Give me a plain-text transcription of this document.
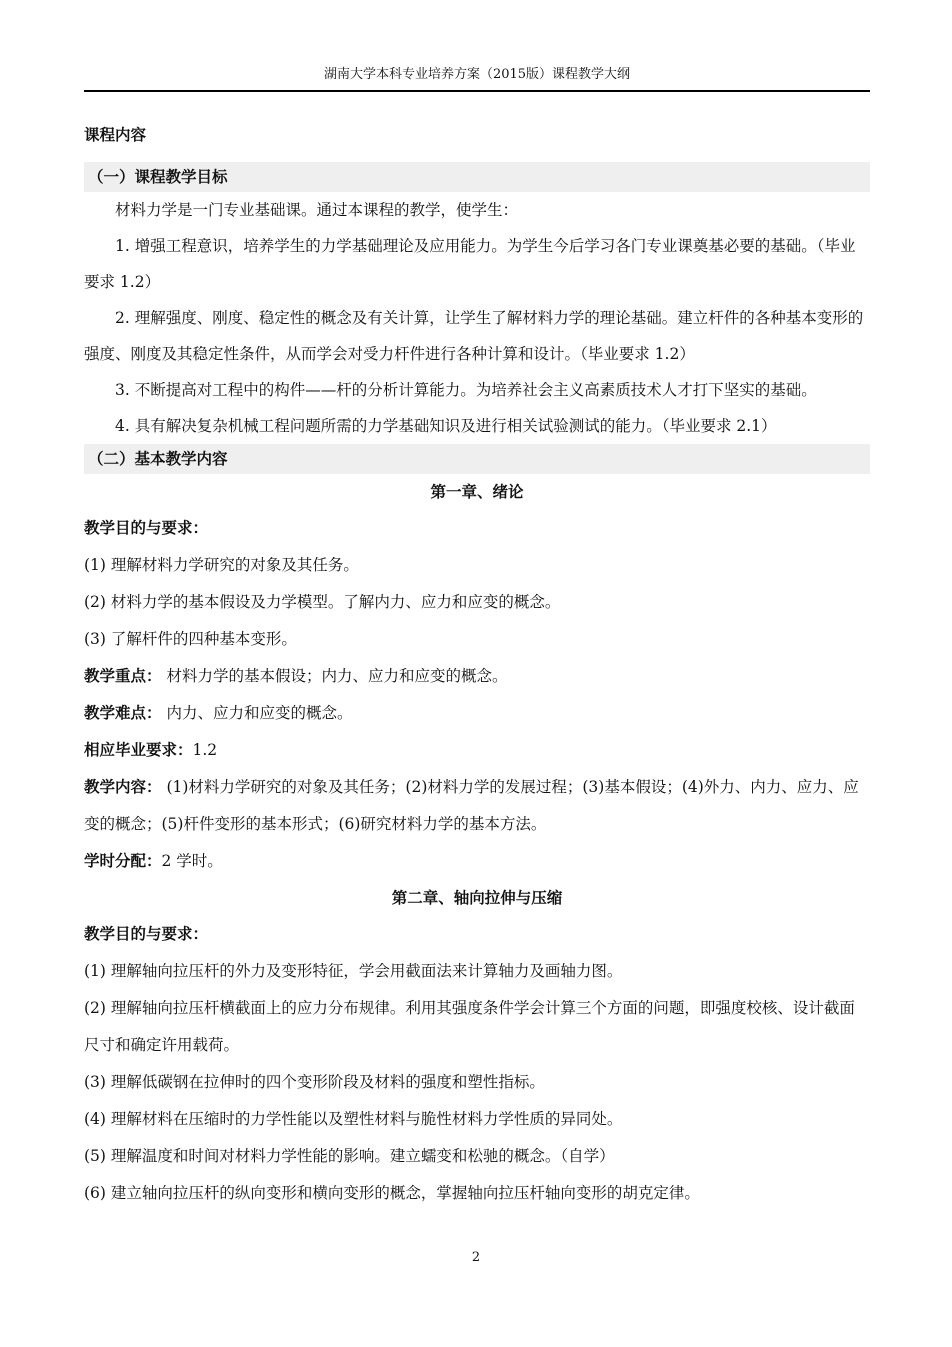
湖南大学本科专业培养方案（2015版）课程教学大纲
课程内容
（一）课程教学目标

材料力学是一门专业基础课。通过本课程的教学，使学生：

1. 增强工程意识，培养学生的力学基础理论及应用能力。为学生今后学习各门专业课奠基必要的基础。（毕业要求 1.2）

2. 理解强度、刚度、稳定性的概念及有关计算，让学生了解材料力学的理论基础。建立杆件的各种基本变形的强度、刚度及其稳定性条件，从而学会对受力杆件进行各种计算和设计。（毕业要求 1.2）

3. 不断提高对工程中的构件——杆的分析计算能力。为培养社会主义高素质技术人才打下坚实的基础。

4. 具有解决复杂机械工程问题所需的力学基础知识及进行相关试验测试的能力。（毕业要求 2.1）

（二）基本教学内容

第一章、绪论

教学目的与要求：

(1) 理解材料力学研究的对象及其任务。

(2) 材料力学的基本假设及力学模型。了解内力、应力和应变的概念。

(3) 了解杆件的四种基本变形。

教学重点： 材料力学的基本假设；内力、应力和应变的概念。

教学难点： 内力、应力和应变的概念。

相应毕业要求：1.2

教学内容： (1)材料力学研究的对象及其任务；(2)材料力学的发展过程；(3)基本假设；(4)外力、内力、应力、应变的概念；(5)杆件变形的基本形式；(6)研究材料力学的基本方法。

学时分配：2 学时。

第二章、轴向拉伸与压缩

教学目的与要求：

(1) 理解轴向拉压杆的外力及变形特征，学会用截面法来计算轴力及画轴力图。

(2) 理解轴向拉压杆横截面上的应力分布规律。利用其强度条件学会计算三个方面的问题，即强度校核、设计截面尺寸和确定许用载荷。

(3) 理解低碳钢在拉伸时的四个变形阶段及材料的强度和塑性指标。

(4) 理解材料在压缩时的力学性能以及塑性材料与脆性材料力学性质的异同处。

(5) 理解温度和时间对材料力学性能的影响。建立蠕变和松驰的概念。（自学）

(6) 建立轴向拉压杆的纵向变形和横向变形的概念，掌握轴向拉压杆轴向变形的胡克定律。

2
